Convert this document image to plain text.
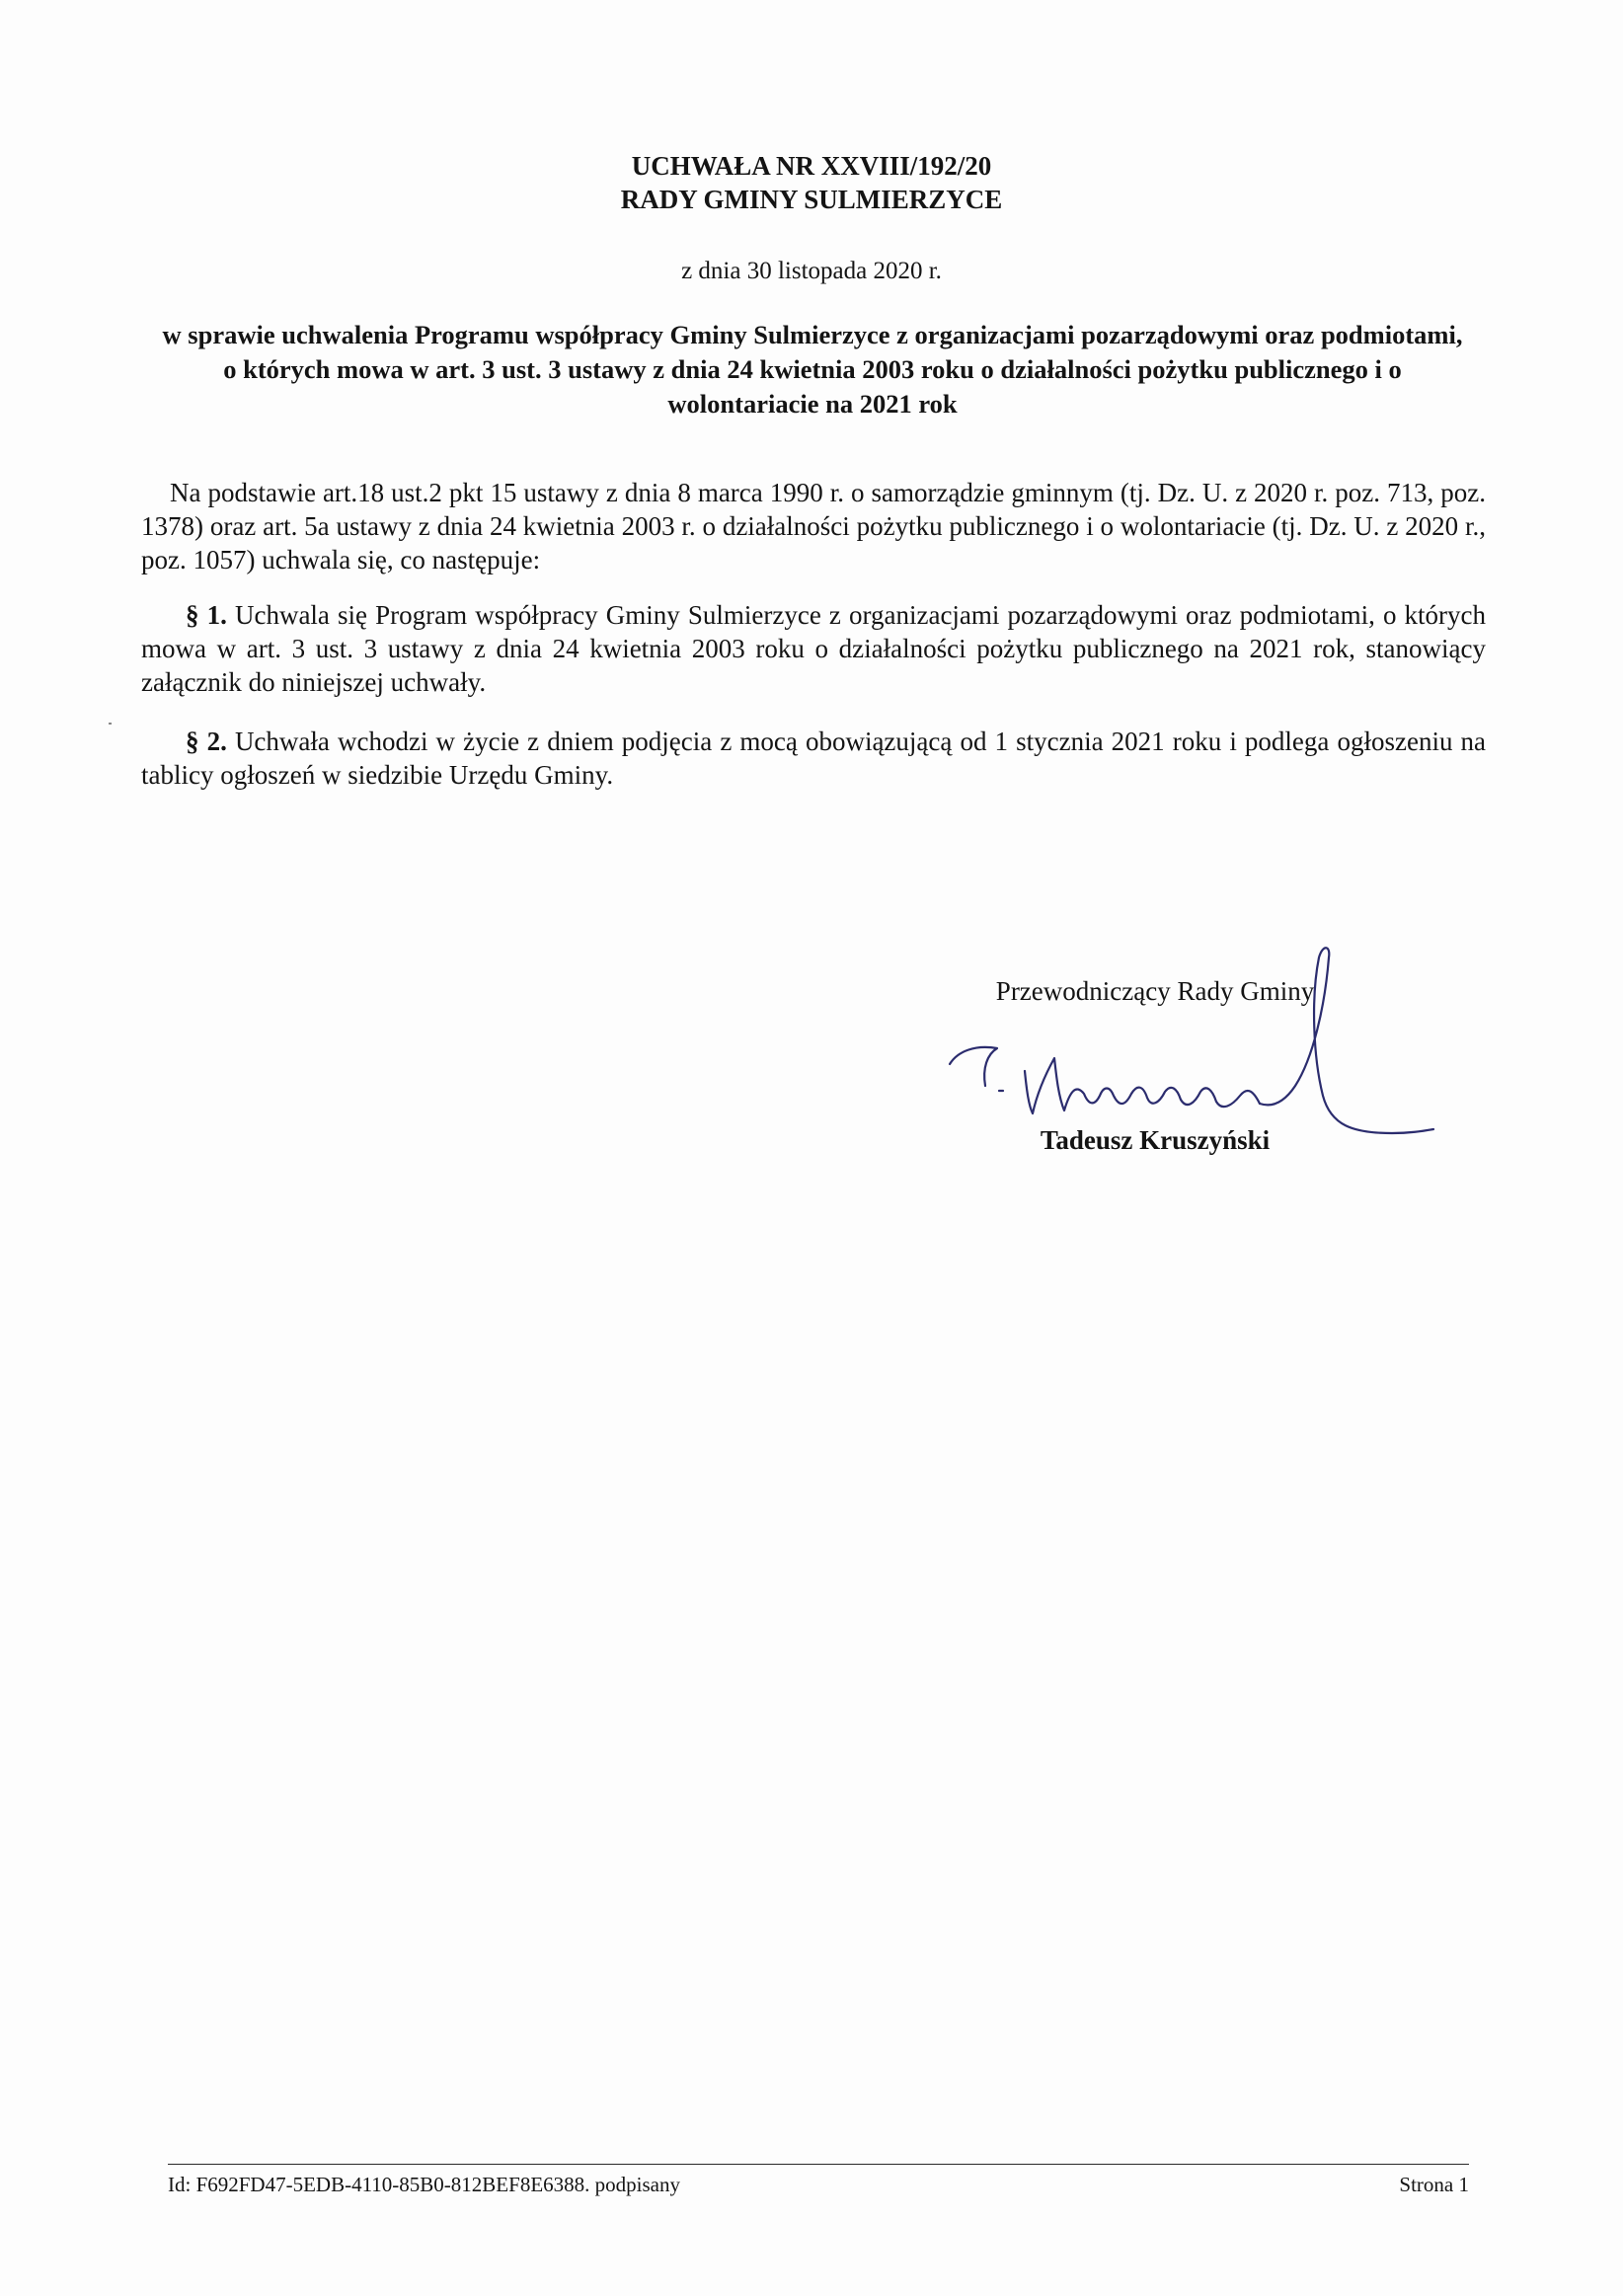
UCHWAŁA NR XXVIII/192/20
RADY GMINY SULMIERZYCE
z dnia 30 listopada 2020 r.
w sprawie uchwalenia Programu współpracy Gminy Sulmierzyce z organizacjami pozarządowymi oraz podmiotami, o których mowa w art. 3 ust. 3 ustawy z dnia 24 kwietnia 2003 roku o działalności pożytku publicznego i o wolontariacie na 2021 rok

Na podstawie art.18 ust.2 pkt 15 ustawy z dnia 8 marca 1990 r. o samorządzie gminnym (tj. Dz. U. z 2020 r. poz. 713, poz. 1378) oraz art. 5a ustawy z dnia 24 kwietnia 2003 r. o działalności pożytku publicznego i o wolontariacie (tj. Dz. U. z 2020 r., poz. 1057) uchwala się, co następuje:

§ 1. Uchwala się Program współpracy Gminy Sulmierzyce z organizacjami pozarządowymi oraz podmiotami, o których mowa w art. 3 ust. 3 ustawy z dnia 24 kwietnia 2003 roku o działalności pożytku publicznego na 2021 rok, stanowiący załącznik do niniejszej uchwały.

§ 2. Uchwała wchodzi w życie z dniem podjęcia z mocą obowiązującą od 1 stycznia 2021 roku i podlega ogłoszeniu na tablicy ogłoszeń w siedzibie Urzędu Gminy.

Przewodniczący Rady Gminy
Tadeusz Kruszyński
Id: F692FD47-5EDB-4110-85B0-812BEF8E6388. podpisany	Strona 1
